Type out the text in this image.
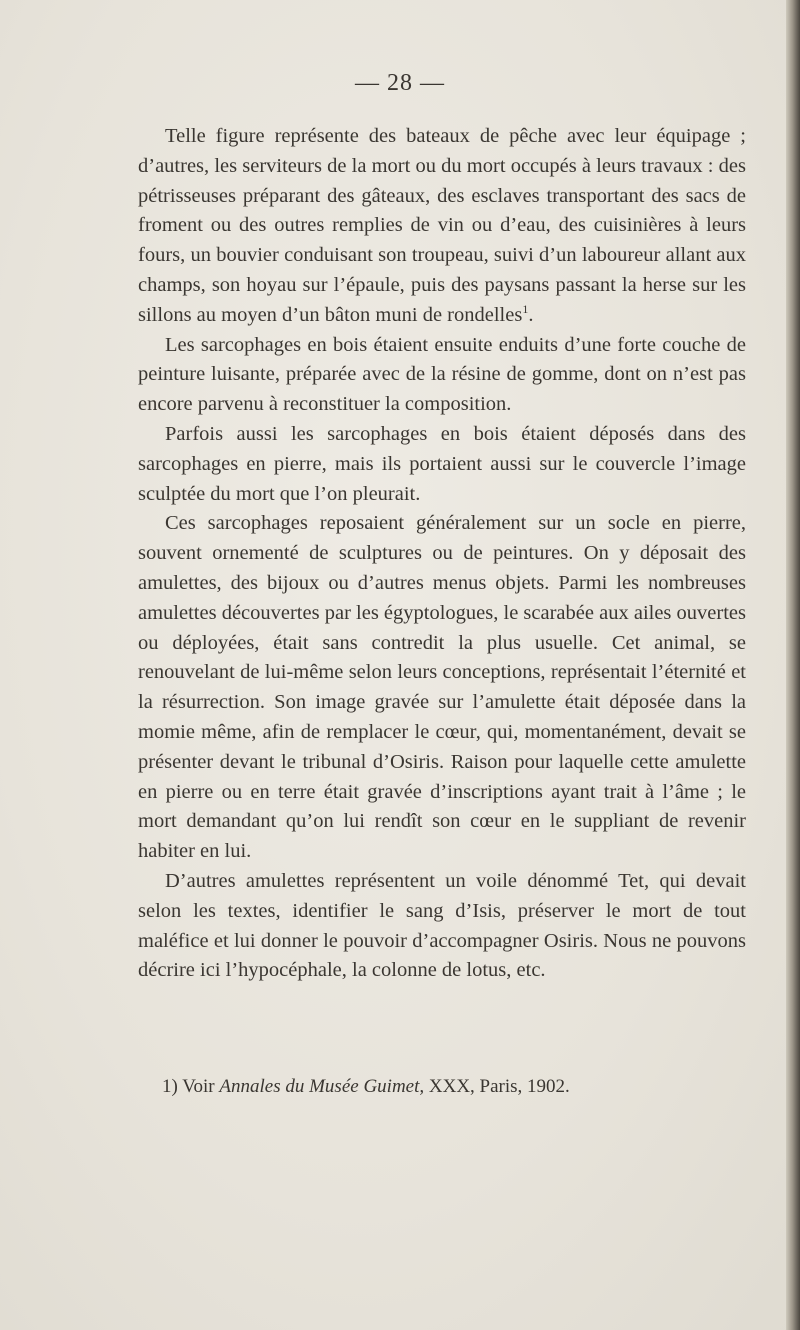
— 28 —

Telle figure représente des bateaux de pêche avec leur équipage ; d’autres, les serviteurs de la mort ou du mort occupés à leurs travaux : des pétrisseuses préparant des gâteaux, des esclaves transportant des sacs de froment ou des outres remplies de vin ou d’eau, des cuisinières à leurs fours, un bouvier conduisant son troupeau, suivi d’un laboureur allant aux champs, son hoyau sur l’épaule, puis des paysans passant la herse sur les sillons au moyen d’un bâton muni de rondelles$^1$.

Les sarcophages en bois étaient ensuite enduits d’une forte couche de peinture luisante, préparée avec de la résine de gomme, dont on n’est pas encore parvenu à reconstituer la composition.

Parfois aussi les sarcophages en bois étaient déposés dans des sarcophages en pierre, mais ils portaient aussi sur le couvercle l’image sculptée du mort que l’on pleurait.

Ces sarcophages reposaient généralement sur un socle en pierre, souvent ornementé de sculptures ou de peintures. On y déposait des amulettes, des bijoux ou d’autres menus objets. Parmi les nombreuses amulettes découvertes par les égyptologues, le scarabée aux ailes ouvertes ou déployées, était sans contredit la plus usuelle. Cet animal, se renouvelant de lui-même selon leurs conceptions, représentait l’éternité et la résurrection. Son image gravée sur l’amulette était déposée dans la momie même, afin de remplacer le cœur, qui, momentanément, devait se présenter devant le tribunal d’Osiris. Raison pour laquelle cette amulette en pierre ou en terre était gravée d’inscriptions ayant trait à l’âme ; le mort demandant qu’on lui rendît son cœur en le suppliant de revenir habiter en lui.

D’autres amulettes représentent un voile dénommé Tet, qui devait selon les textes, identifier le sang d’Isis, préserver le mort de tout maléfice et lui donner le pouvoir d’accompagner Osiris. Nous ne pouvons décrire ici l’hypocéphale, la colonne de lotus, etc.

1) Voir Annales du Musée Guimet, XXX, Paris, 1902.
